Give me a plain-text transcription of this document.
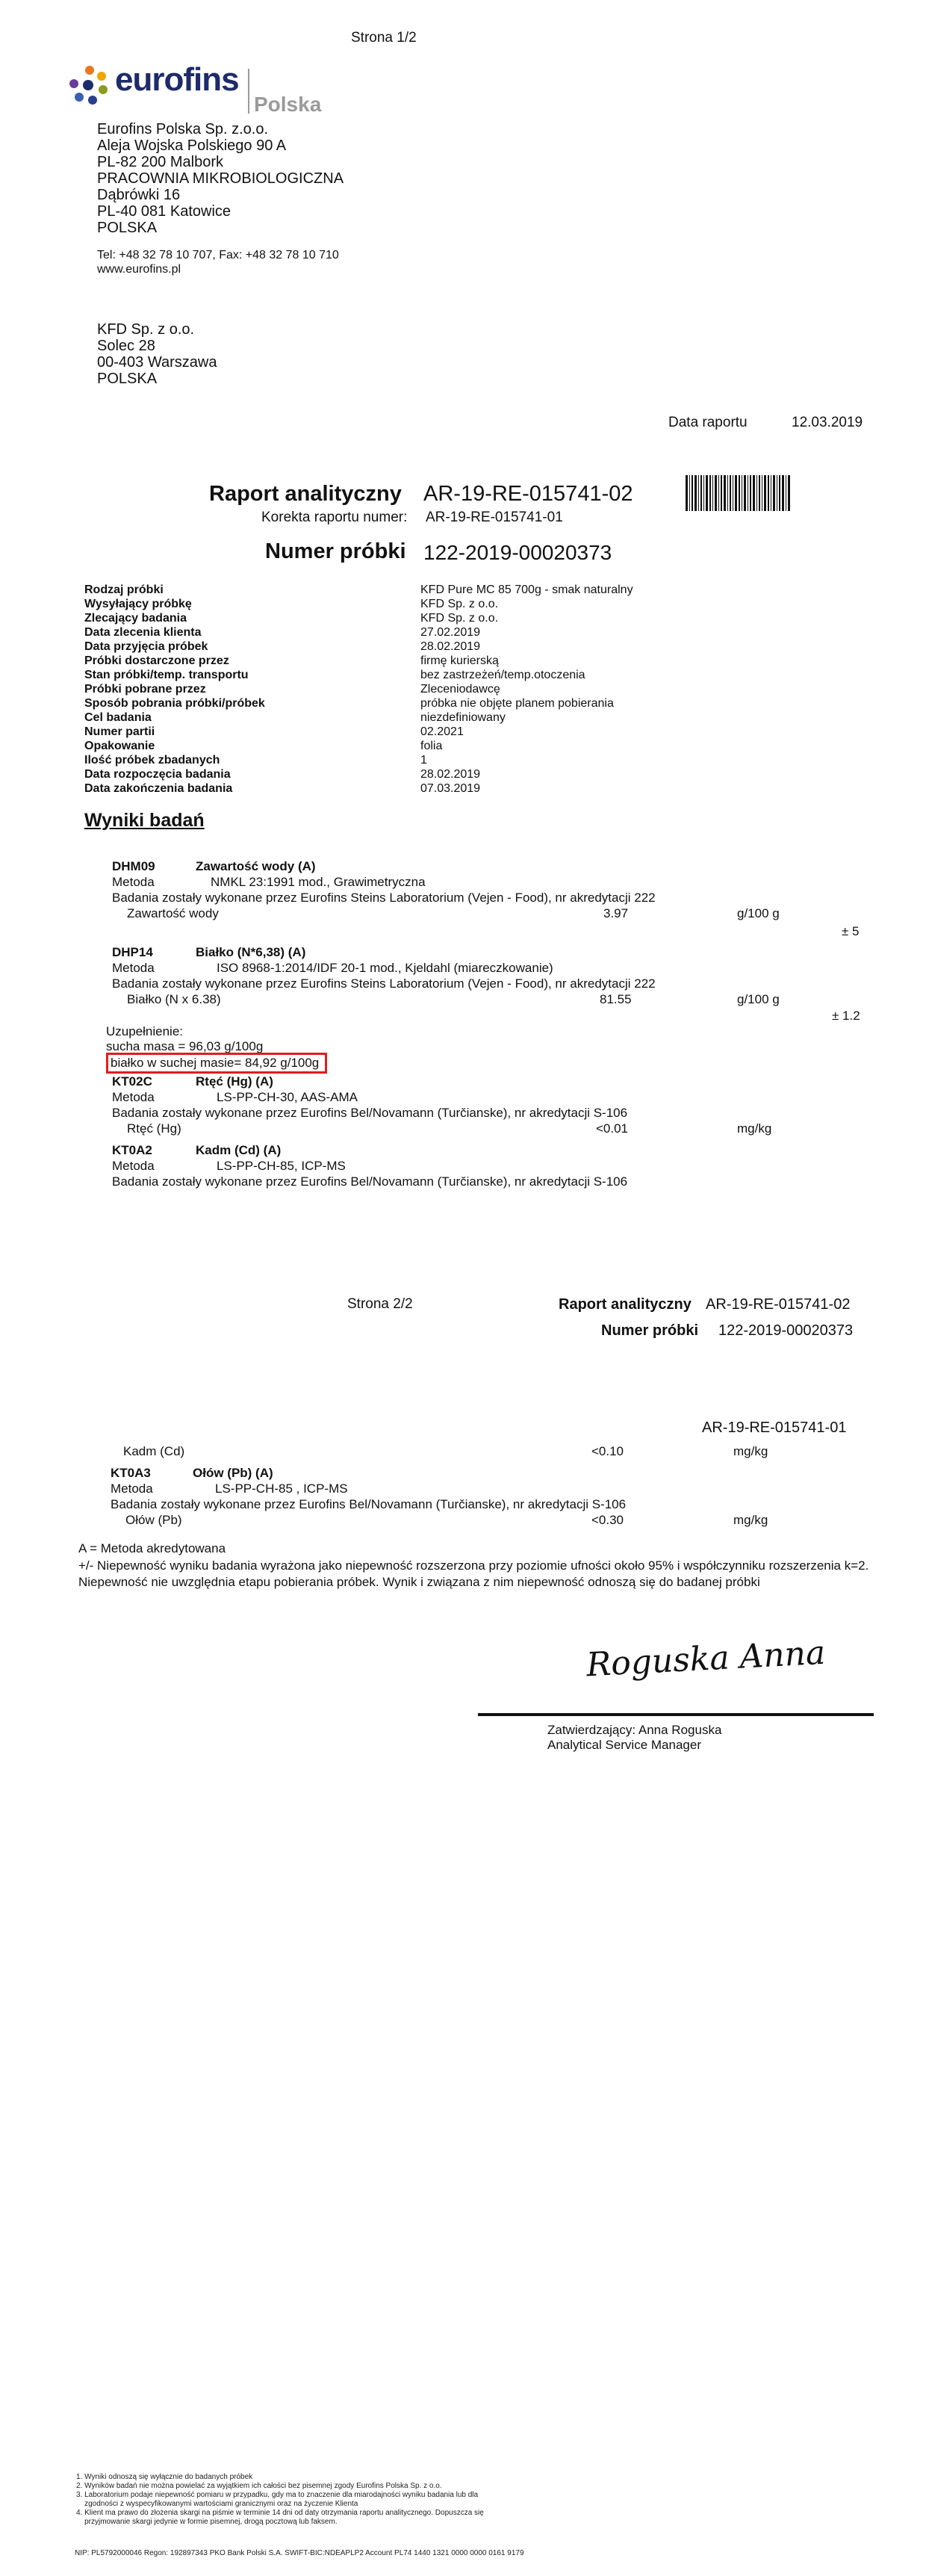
Strona 1/2
eurofins
Polska
Eurofins Polska Sp. z.o.o.
Aleja Wojska Polskiego 90 A
PL-82 200 Malbork
PRACOWNIA MIKROBIOLOGICZNA
Dąbrówki 16
PL-40 081 Katowice
POLSKA
Tel: +48 32 78 10 707, Fax: +48 32 78 10 710
www.eurofins.pl
KFD Sp. z o.o.
Solec 28
00-403 Warszawa
POLSKA
Data raportu	12.03.2019
Raport analityczny AR-19-RE-015741-02
Korekta raportu numer: AR-19-RE-015741-01
Numer próbki 122-2019-00020373
Rodzaj próbki	KFD Pure MC 85 700g - smak naturalny
Wysyłający próbkę	KFD Sp. z o.o.
Zlecający badania	KFD Sp. z o.o.
Data zlecenia klienta	27.02.2019
Data przyjęcia próbek	28.02.2019
Próbki dostarczone przez	firmę kurierską
Stan próbki/temp. transportu	bez zastrzeżeń/temp.otoczenia
Próbki pobrane przez	Zleceniodawcę
Sposób pobrania próbki/próbek	próbka nie objęte planem pobierania
Cel badania	niezdefiniowany
Numer partii	02.2021
Opakowanie	folia
Ilość próbek zbadanych	1
Data rozpoczęcia badania	28.02.2019
Data zakończenia badania	07.03.2019
Wyniki badań
DHM09	Zawartość wody (A)
Metoda	NMKL 23:1991 mod., Grawimetryczna
Badania zostały wykonane przez Eurofins Steins Laboratorium (Vejen - Food), nr akredytacji 222
Zawartość wody	3.97	g/100 g
± 5
DHP14	Białko (N*6,38) (A)
Metoda	ISO 8968-1:2014/IDF 20-1 mod., Kjeldahl (miareczkowanie)
Badania zostały wykonane przez Eurofins Steins Laboratorium (Vejen - Food), nr akredytacji 222
Białko (N x 6.38)	81.55	g/100 g
± 1.2
Uzupełnienie:
sucha masa = 96,03 g/100g
białko w suchej masie= 84,92 g/100g
KT02C	Rtęć (Hg) (A)
Metoda	LS-PP-CH-30, AAS-AMA
Badania zostały wykonane przez Eurofins Bel/Novamann (Turčianske), nr akredytacji S-106
Rtęć (Hg)	<0.01	mg/kg
KT0A2	Kadm (Cd) (A)
Metoda	LS-PP-CH-85, ICP-MS
Badania zostały wykonane przez Eurofins Bel/Novamann (Turčianske), nr akredytacji S-106
Strona 2/2	Raport analityczny AR-19-RE-015741-02
Numer próbki 122-2019-00020373
AR-19-RE-015741-01
Kadm (Cd)	<0.10	mg/kg
KT0A3	Ołów (Pb) (A)
Metoda	LS-PP-CH-85 , ICP-MS
Badania zostały wykonane przez Eurofins Bel/Novamann (Turčianske), nr akredytacji S-106
Ołów (Pb)	<0.30	mg/kg
A = Metoda akredytowana
+/- Niepewność wyniku badania wyrażona jako niepewność rozszerzona przy poziomie ufności około 95% i współczynniku rozszerzenia k=2.
Niepewność nie uwzględnia etapu pobierania próbek. Wynik i związana z nim niepewność odnoszą się do badanej próbki
Roguska Anna
Zatwierdzający: Anna Roguska
Analytical Service Manager
1. Wyniki odnoszą się wyłącznie do badanych próbek
2. Wyników badań nie można powielać za wyjątkiem ich całości bez pisemnej zgody Eurofins Polska Sp. z o.o.
3. Laboratorium podaje niepewność pomiaru w przypadku, gdy ma to znaczenie dla miarodajności wyniku badania lub dla
zgodności z wyspecyfikowanymi wartościami granicznymi oraz na życzenie Klienta
4. Klient ma prawo do złożenia skargi na piśmie w terminie 14 dni od daty otrzymania raportu analitycznego. Dopuszcza się
przyjmowanie skargi jedynie w formie pisemnej, drogą pocztową lub faksem.
NIP: PL5792000046 Regon: 192897343 PKO Bank Polski S.A. SWIFT-BIC:NDEAPLP2 Account PL74 1440 1321 0000 0000 0161 9179
